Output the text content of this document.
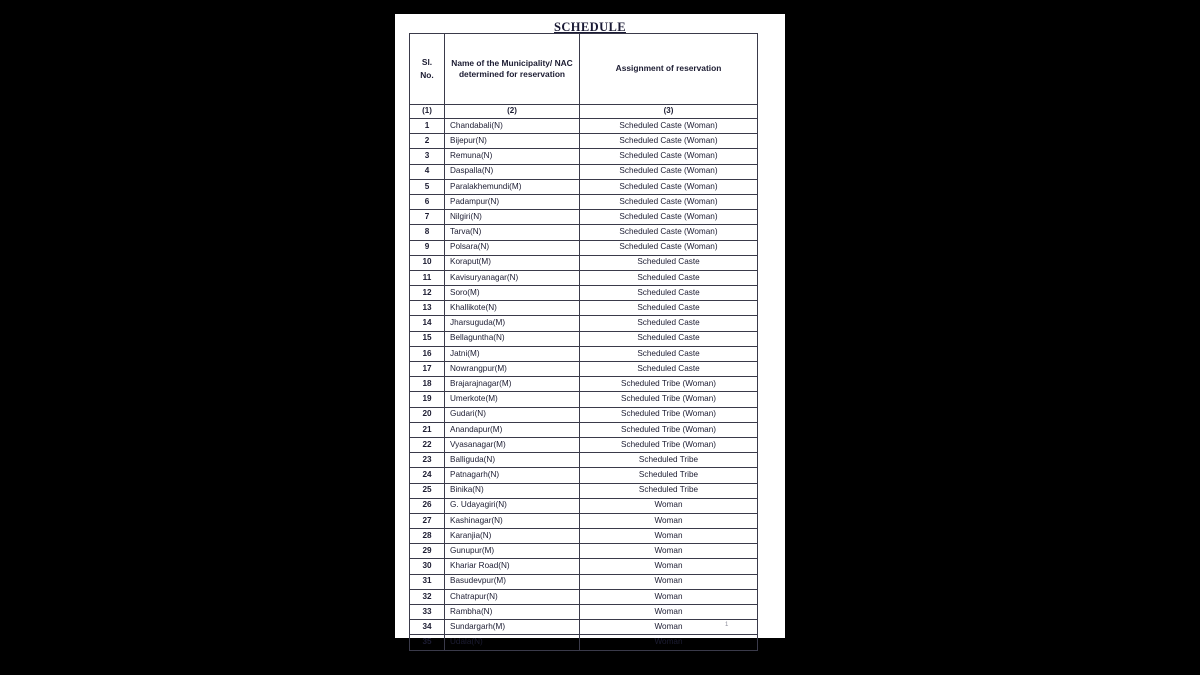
SCHEDULE
Sl.
No.	Name of the Municipality/ NAC determined for reservation	Assignment of reservation
(1)	(2)	(3)
1	Chandabali(N)	Scheduled Caste (Woman)
2	Bijepur(N)	Scheduled Caste (Woman)
3	Remuna(N)	Scheduled Caste (Woman)
4	Daspalla(N)	Scheduled Caste (Woman)
5	Paralakhemundi(M)	Scheduled Caste (Woman)
6	Padampur(N)	Scheduled Caste (Woman)
7	Nilgiri(N)	Scheduled Caste (Woman)
8	Tarva(N)	Scheduled Caste (Woman)
9	Polsara(N)	Scheduled Caste (Woman)
10	Koraput(M)	Scheduled Caste
11	Kavisuryanagar(N)	Scheduled Caste
12	Soro(M)	Scheduled Caste
13	Khallikote(N)	Scheduled Caste
14	Jharsuguda(M)	Scheduled Caste
15	Bellaguntha(N)	Scheduled Caste
16	Jatni(M)	Scheduled Caste
17	Nowrangpur(M)	Scheduled Caste
18	Brajarajnagar(M)	Scheduled Tribe (Woman)
19	Umerkote(M)	Scheduled Tribe (Woman)
20	Gudari(N)	Scheduled Tribe (Woman)
21	Anandapur(M)	Scheduled Tribe (Woman)
22	Vyasanagar(M)	Scheduled Tribe (Woman)
23	Balliguda(N)	Scheduled Tribe
24	Patnagarh(N)	Scheduled Tribe
25	Binika(N)	Scheduled Tribe
26	G. Udayagiri(N)	Woman
27	Kashinagar(N)	Woman
28	Karanjia(N)	Woman
29	Gunupur(M)	Woman
30	Khariar Road(N)	Woman
31	Basudevpur(M)	Woman
32	Chatrapur(N)	Woman
33	Rambha(N)	Woman
34	Sundargarh(M)	Woman
35	Udala(N)	Woman
1
